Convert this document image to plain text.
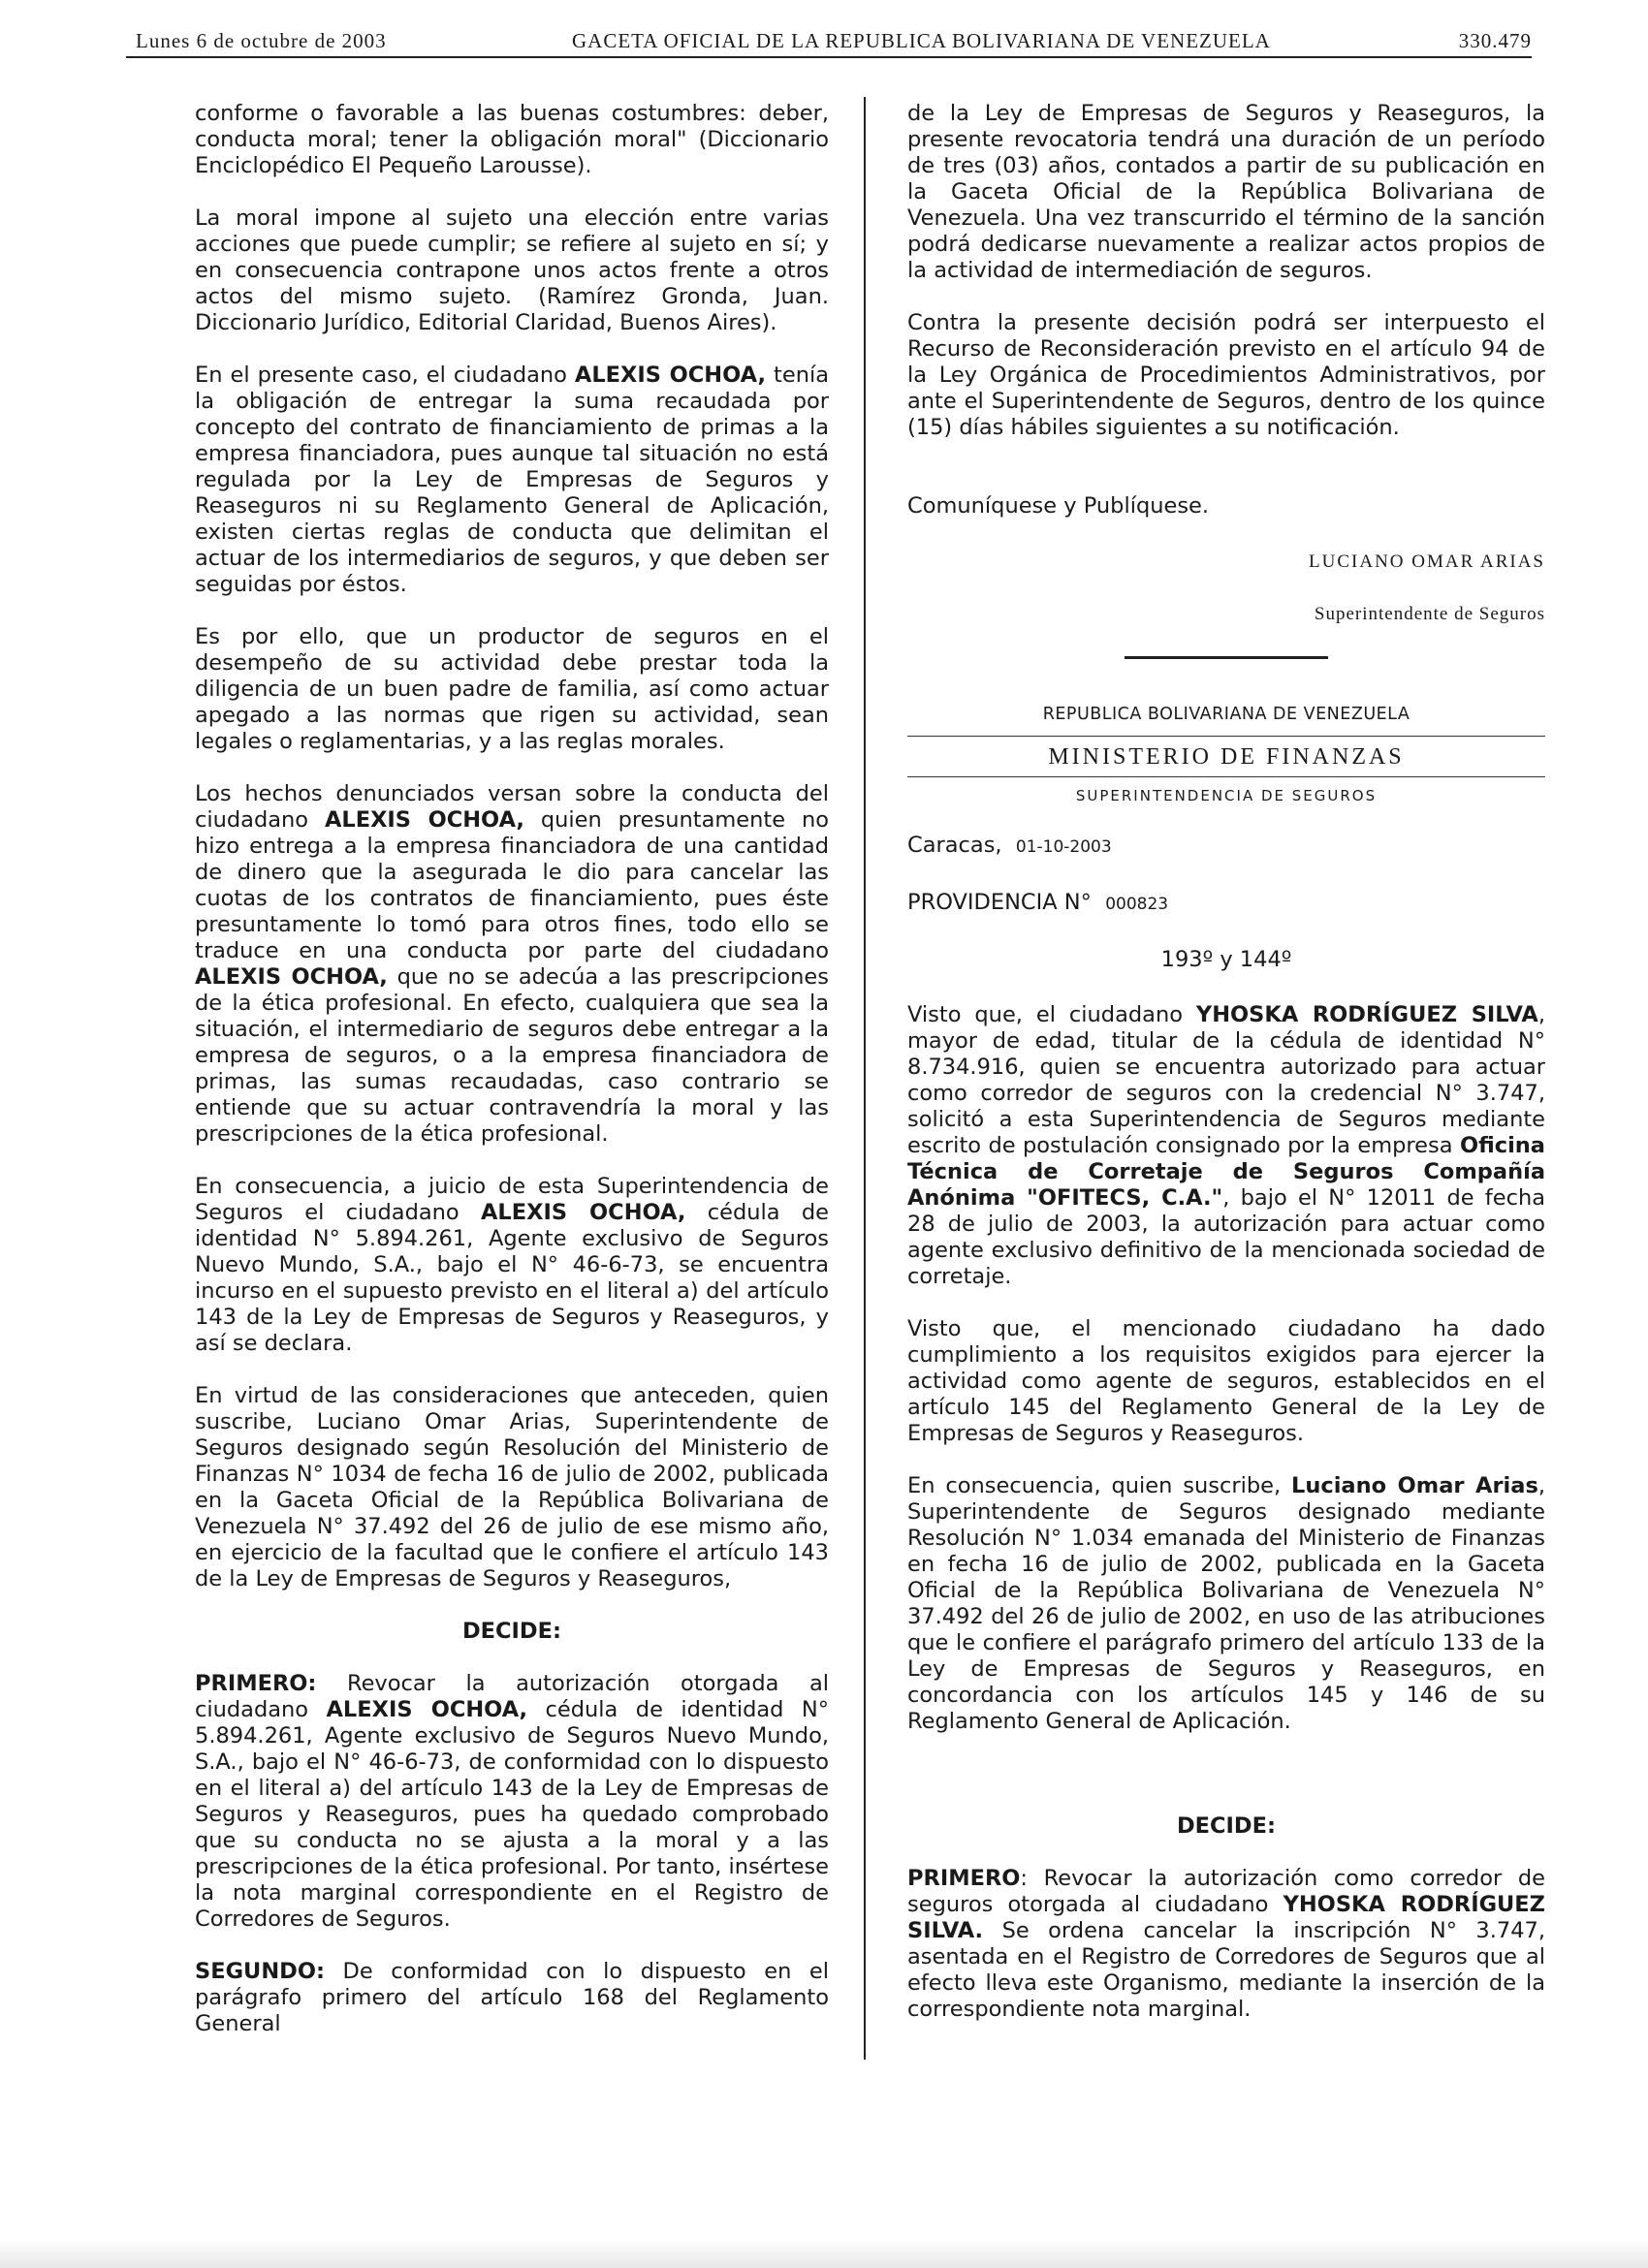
Lunes 6 de octubre de 2003	GACETA OFICIAL DE LA REPUBLICA BOLIVARIANA DE VENEZUELA	330.479

conforme o favorable a las buenas costumbres: deber, conducta moral; tener la obligación moral" (Diccionario Enciclopédico El Pequeño Larousse).

La moral impone al sujeto una elección entre varias acciones que puede cumplir; se refiere al sujeto en sí; y en consecuencia contrapone unos actos frente a otros actos del mismo sujeto. (Ramírez Gronda, Juan. Diccionario Jurídico, Editorial Claridad, Buenos Aires).

En el presente caso, el ciudadano ALEXIS OCHOA, tenía la obligación de entregar la suma recaudada por concepto del contrato de financiamiento de primas a la empresa financiadora, pues aunque tal situación no está regulada por la Ley de Empresas de Seguros y Reaseguros ni su Reglamento General de Aplicación, existen ciertas reglas de conducta que delimitan el actuar de los intermediarios de seguros, y que deben ser seguidas por éstos.

Es por ello, que un productor de seguros en el desempeño de su actividad debe prestar toda la diligencia de un buen padre de familia, así como actuar apegado a las normas que rigen su actividad, sean legales o reglamentarias, y a las reglas morales.

Los hechos denunciados versan sobre la conducta del ciudadano ALEXIS OCHOA, quien presuntamente no hizo entrega a la empresa financiadora de una cantidad de dinero que la asegurada le dio para cancelar las cuotas de los contratos de financiamiento, pues éste presuntamente lo tomó para otros fines, todo ello se traduce en una conducta por parte del ciudadano ALEXIS OCHOA, que no se adecúa a las prescripciones de la ética profesional. En efecto, cualquiera que sea la situación, el intermediario de seguros debe entregar a la empresa de seguros, o a la empresa financiadora de primas, las sumas recaudadas, caso contrario se entiende que su actuar contravendría la moral y las prescripciones de la ética profesional.

En consecuencia, a juicio de esta Superintendencia de Seguros el ciudadano ALEXIS OCHOA, cédula de identidad N° 5.894.261, Agente exclusivo de Seguros Nuevo Mundo, S.A., bajo el N° 46-6-73, se encuentra incurso en el supuesto previsto en el literal a) del artículo 143 de la Ley de Empresas de Seguros y Reaseguros, y así se declara.

En virtud de las consideraciones que anteceden, quien suscribe, Luciano Omar Arias, Superintendente de Seguros designado según Resolución del Ministerio de Finanzas N° 1034 de fecha 16 de julio de 2002, publicada en la Gaceta Oficial de la República Bolivariana de Venezuela N° 37.492 del 26 de julio de ese mismo año, en ejercicio de la facultad que le confiere el artículo 143 de la Ley de Empresas de Seguros y Reaseguros,

DECIDE:

PRIMERO: Revocar la autorización otorgada al ciudadano ALEXIS OCHOA, cédula de identidad N° 5.894.261, Agente exclusivo de Seguros Nuevo Mundo, S.A., bajo el N° 46-6-73, de conformidad con lo dispuesto en el literal a) del artículo 143 de la Ley de Empresas de Seguros y Reaseguros, pues ha quedado comprobado que su conducta no se ajusta a la moral y a las prescripciones de la ética profesional. Por tanto, insértese la nota marginal correspondiente en el Registro de Corredores de Seguros.

SEGUNDO: De conformidad con lo dispuesto en el parágrafo primero del artículo 168 del Reglamento General

de la Ley de Empresas de Seguros y Reaseguros, la presente revocatoria tendrá una duración de un período de tres (03) años, contados a partir de su publicación en la Gaceta Oficial de la República Bolivariana de Venezuela. Una vez transcurrido el término de la sanción podrá dedicarse nuevamente a realizar actos propios de la actividad de intermediación de seguros.

Contra la presente decisión podrá ser interpuesto el Recurso de Reconsideración previsto en el artículo 94 de la Ley Orgánica de Procedimientos Administrativos, por ante el Superintendente de Seguros, dentro de los quince (15) días hábiles siguientes a su notificación.

Comuníquese y Publíquese.

LUCIANO OMAR ARIAS

Superintendente de Seguros

REPUBLICA BOLIVARIANA DE VENEZUELA
MINISTERIO DE FINANZAS
SUPERINTENDENCIA DE SEGUROS

Caracas, 01-10-2003

PROVIDENCIA N° 000823

193º y 144º

Visto que, el ciudadano YHOSKA RODRÍGUEZ SILVA, mayor de edad, titular de la cédula de identidad N° 8.734.916, quien se encuentra autorizado para actuar como corredor de seguros con la credencial N° 3.747, solicitó a esta Superintendencia de Seguros mediante escrito de postulación consignado por la empresa Oficina Técnica de Corretaje de Seguros Compañía Anónima "OFITECS, C.A.", bajo el N° 12011 de fecha 28 de julio de 2003, la autorización para actuar como agente exclusivo definitivo de la mencionada sociedad de corretaje.

Visto que, el mencionado ciudadano ha dado cumplimiento a los requisitos exigidos para ejercer la actividad como agente de seguros, establecidos en el artículo 145 del Reglamento General de la Ley de Empresas de Seguros y Reaseguros.

En consecuencia, quien suscribe, Luciano Omar Arias, Superintendente de Seguros designado mediante Resolución N° 1.034 emanada del Ministerio de Finanzas en fecha 16 de julio de 2002, publicada en la Gaceta Oficial de la República Bolivariana de Venezuela N° 37.492 del 26 de julio de 2002, en uso de las atribuciones que le confiere el parágrafo primero del artículo 133 de la Ley de Empresas de Seguros y Reaseguros, en concordancia con los artículos 145 y 146 de su Reglamento General de Aplicación.

DECIDE:

PRIMERO: Revocar la autorización como corredor de seguros otorgada al ciudadano YHOSKA RODRÍGUEZ SILVA. Se ordena cancelar la inscripción N° 3.747, asentada en el Registro de Corredores de Seguros que al efecto lleva este Organismo, mediante la inserción de la correspondiente nota marginal.
